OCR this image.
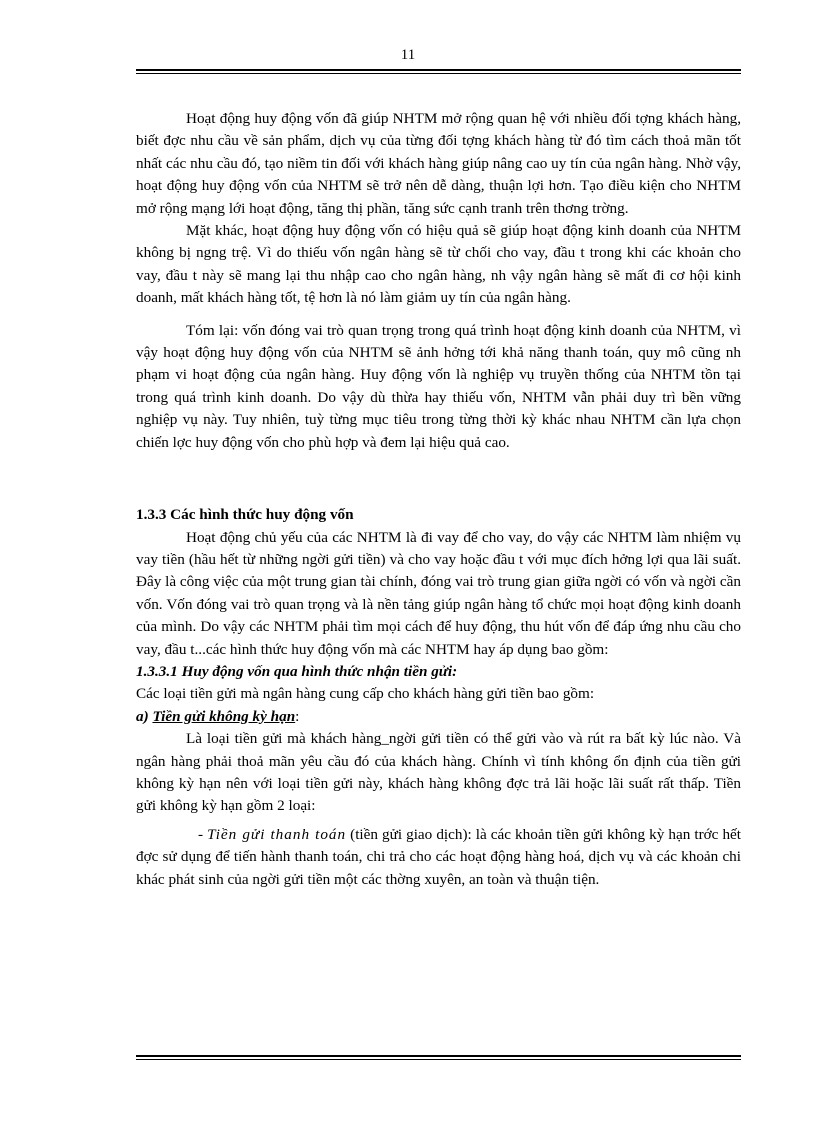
11

Hoạt động huy động vốn đã giúp NHTM mở rộng quan hệ với nhiều đối tợng khách hàng, biết đợc nhu cầu về sản phẩm, dịch vụ của từng đối tợng khách hàng từ đó tìm cách thoả mãn tốt nhất các nhu cầu đó, tạo niềm tin đối với khách hàng giúp nâng cao uy tín của ngân hàng. Nhờ vậy, hoạt động huy động vốn của NHTM sẽ trở nên dễ dàng, thuận lợi hơn. Tạo điều kiện cho NHTM mở rộng mạng lới hoạt động, tăng thị phần, tăng sức cạnh tranh trên thơng trờng.

Mặt khác, hoạt động huy động vốn có hiệu quả sẽ giúp hoạt động kinh doanh của NHTM không bị ngng trệ. Vì do thiếu vốn ngân hàng sẽ từ chối cho vay, đầu t trong khi các khoản cho vay, đầu t này sẽ mang lại thu nhập cao cho ngân hàng, nh vậy ngân hàng sẽ mất đi cơ hội kinh doanh, mất khách hàng tốt, tệ hơn là nó làm giảm uy tín của ngân hàng.

Tóm lại: vốn đóng vai trò quan trọng trong quá trình hoạt động kinh doanh của NHTM, vì vậy hoạt động huy động vốn của NHTM sẽ ảnh hởng tới khả năng thanh toán, quy mô cũng nh phạm vi hoạt động của ngân hàng. Huy động vốn là nghiệp vụ truyền thống của NHTM tồn tại trong quá trình kinh doanh. Do vậy dù thừa hay thiếu vốn, NHTM vẫn phải duy trì bền vững nghiệp vụ này. Tuy nhiên, tuỳ từng mục tiêu trong từng thời kỳ khác nhau NHTM cần lựa chọn chiến lợc huy động vốn cho phù hợp và đem lại hiệu quả cao.

1.3.3 Các hình thức huy động vốn

Hoạt động chủ yếu của các NHTM là đi vay để cho vay, do vậy các NHTM làm nhiệm vụ vay tiền (hầu hết từ những ngời gửi tiền) và cho vay hoặc đầu t với mục đích hởng lợi qua lãi suất. Đây là công việc của một trung gian tài chính, đóng vai trò trung gian giữa ngời có vốn và ngời cần vốn. Vốn đóng vai trò quan trọng và là nền tảng giúp ngân hàng tổ chức mọi hoạt động kinh doanh của mình. Do vậy các NHTM phải tìm mọi cách để huy động, thu hút vốn để đáp ứng nhu cầu cho vay, đầu t...các hình thức huy động vốn mà các NHTM hay áp dụng bao gồm:

1.3.3.1 Huy động vốn qua hình thức nhận tiền gửi:

Các loại tiền gửi mà ngân hàng cung cấp cho khách hàng gửi tiền bao gồm:

a) Tiền gửi không kỳ hạn:

Là loại tiền gửi mà khách hàng_ngời gửi tiền có thể gửi vào và rút ra bất kỳ lúc nào. Và ngân hàng phải thoả mãn yêu cầu đó của khách hàng. Chính vì tính không ổn định của tiền gửi không kỳ hạn nên với loại tiền gửi này, khách hàng không đợc trả lãi hoặc lãi suất rất thấp. Tiền gửi không kỳ hạn gồm 2 loại:

- Tiền gửi thanh toán (tiền gửi giao dịch): là các khoản tiền gửi không kỳ hạn trớc hết đợc sử dụng để tiến hành thanh toán, chi trả cho các hoạt động hàng hoá, dịch vụ và các khoản chi khác phát sinh của ngời gửi tiền một các thờng xuyên, an toàn và thuận tiện.
